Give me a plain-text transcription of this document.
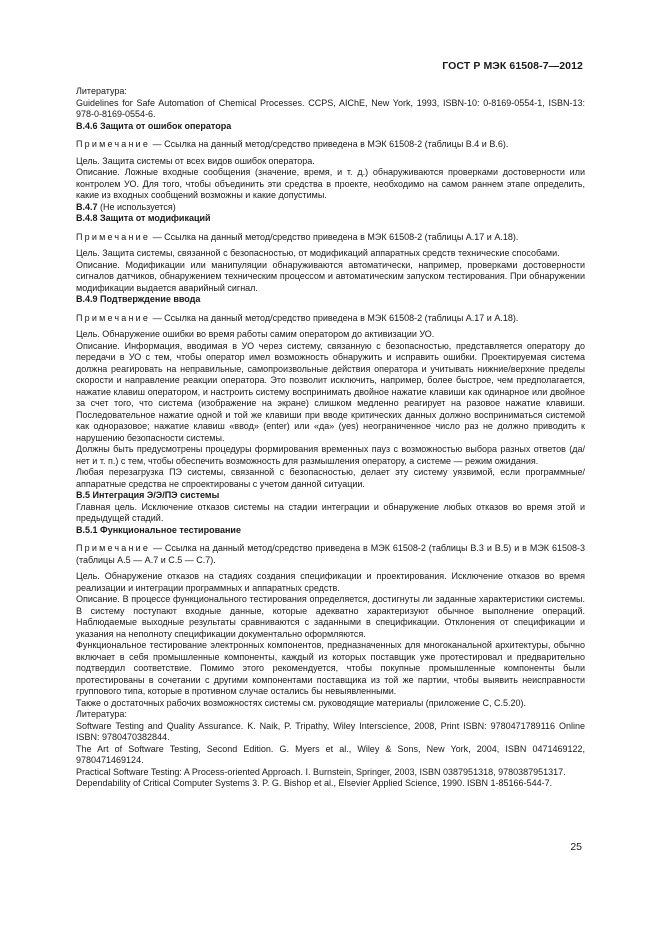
ГОСТ Р МЭК 61508-7—2012

Литература:

Guidelines for Safe Automation of Chemical Processes. CCPS, AIChE, New York, 1993, ISBN-10: 0-8169-0554-1, ISBN-13: 978-0-8169-0554-6.

B.4.6 Защита от ошибок оператора

Примечание — Ссылка на данный метод/средство приведена в МЭК 61508-2 (таблицы В.4 и В.6).

Цель. Защита системы от всех видов ошибок оператора.

Описание. Ложные входные сообщения (значение, время, и т. д.) обнаруживаются проверками достоверности или контролем УО. Для того, чтобы объединить эти средства в проекте, необходимо на самом раннем этапе определить, какие из входных сообщений возможны и какие допустимы.

B.4.7 (Не используется)

B.4.8 Защита от модификаций

Примечание — Ссылка на данный метод/средство приведена в МЭК 61508-2 (таблицы А.17 и А.18).

Цель. Защита системы, связанной с безопасностью, от модификаций аппаратных средств технические способами.

Описание. Модификации или манипуляции обнаруживаются автоматически, например, проверками достоверности сигналов датчиков, обнаружением техническим процессом и автоматическим запуском тестирования. При обнаружении модификации выдается аварийный сигнал.

B.4.9 Подтверждение ввода

Примечание — Ссылка на данный метод/средство приведена в МЭК 61508-2 (таблицы А.17 и А.18).

Цель. Обнаружение ошибки во время работы самим оператором до активизации УО.

Описание. Информация, вводимая в УО через систему, связанную с безопасностью, представляется оператору до передачи в УО с тем, чтобы оператор имел возможность обнаружить и исправить ошибки. Проектируемая система должна реагировать на неправильные, самопроизвольные действия оператора и учитывать нижние/верхние пределы скорости и направление реакции оператора. Это позволит исключить, например, более быстрое, чем предполагается, нажатие клавиш оператором, и настроить систему воспринимать двойное нажатие клавиши как одинарное или двойное за счет того, что система (изображение на экране) слишком медленно реагирует на разовое нажатие клавиши. Последовательное нажатие одной и той же клавиши при вводе критических данных должно восприниматься системой как одноразовое; нажатие клавиш «ввод» (enter) или «да» (yes) неограниченное число раз не должно приводить к нарушению безопасности системы.

Должны быть предусмотрены процедуры формирования временных пауз с возможностью выбора разных ответов (да/нет и т. п.) с тем, чтобы обеспечить возможность для размышления оператору, а системе — режим ожидания.

Любая перезагрузка ПЭ системы, связанной с безопасностью, делает эту систему уязвимой, если программные/аппаратные средства не спроектированы с учетом данной ситуации.

B.5 Интеграция Э/Э/ПЭ системы

Главная цель. Исключение отказов системы на стадии интеграции и обнаружение любых отказов во время этой и предыдущей стадий.

B.5.1 Функциональное тестирование

Примечание — Ссылка на данный метод/средство приведена в МЭК 61508-2 (таблицы В.3 и В.5) и в МЭК 61508-3 (таблицы А.5 — А.7 и С.5 — С.7).

Цель. Обнаружение отказов на стадиях создания спецификации и проектирования. Исключение отказов во время реализации и интеграции программных и аппаратных средств.

Описание. В процессе функционального тестирования определяется, достигнуты ли заданные характеристики системы. В систему поступают входные данные, которые адекватно характеризуют обычное выполнение операций. Наблюдаемые выходные результаты сравниваются с заданными в спецификации. Отклонения от спецификации и указания на неполноту спецификации документально оформляются.

Функциональное тестирование электронных компонентов, предназначенных для многоканальной архитектуры, обычно включает в себя промышленные компоненты, каждый из которых поставщик уже протестировал и предварительно подтвердил соответствие. Помимо этого рекомендуется, чтобы покупные промышленные компоненты были протестированы в сочетании с другими компонентами поставщика из той же партии, чтобы выявить неисправности группового типа, которые в противном случае остались бы невыявленными.

Также о достаточных рабочих возможностях системы см. руководящие материалы (приложение С, С.5.20).

Литература:

Software Testing and Quality Assurance. K. Naik, P. Tripathy, Wiley Interscience, 2008, Print ISBN: 9780471789116 Online ISBN: 9780470382844.

The Art of Software Testing, Second Edition. G. Myers et al., Wiley & Sons, New York, 2004, ISBN 0471469122, 9780471469124.

Practical Software Testing: A Process-oriented Approach. I. Burnstein, Springer, 2003, ISBN 0387951318, 9780387951317.

Dependability of Critical Computer Systems 3. P. G. Bishop et al., Elsevier Applied Science, 1990. ISBN 1-85166-544-7.

25
